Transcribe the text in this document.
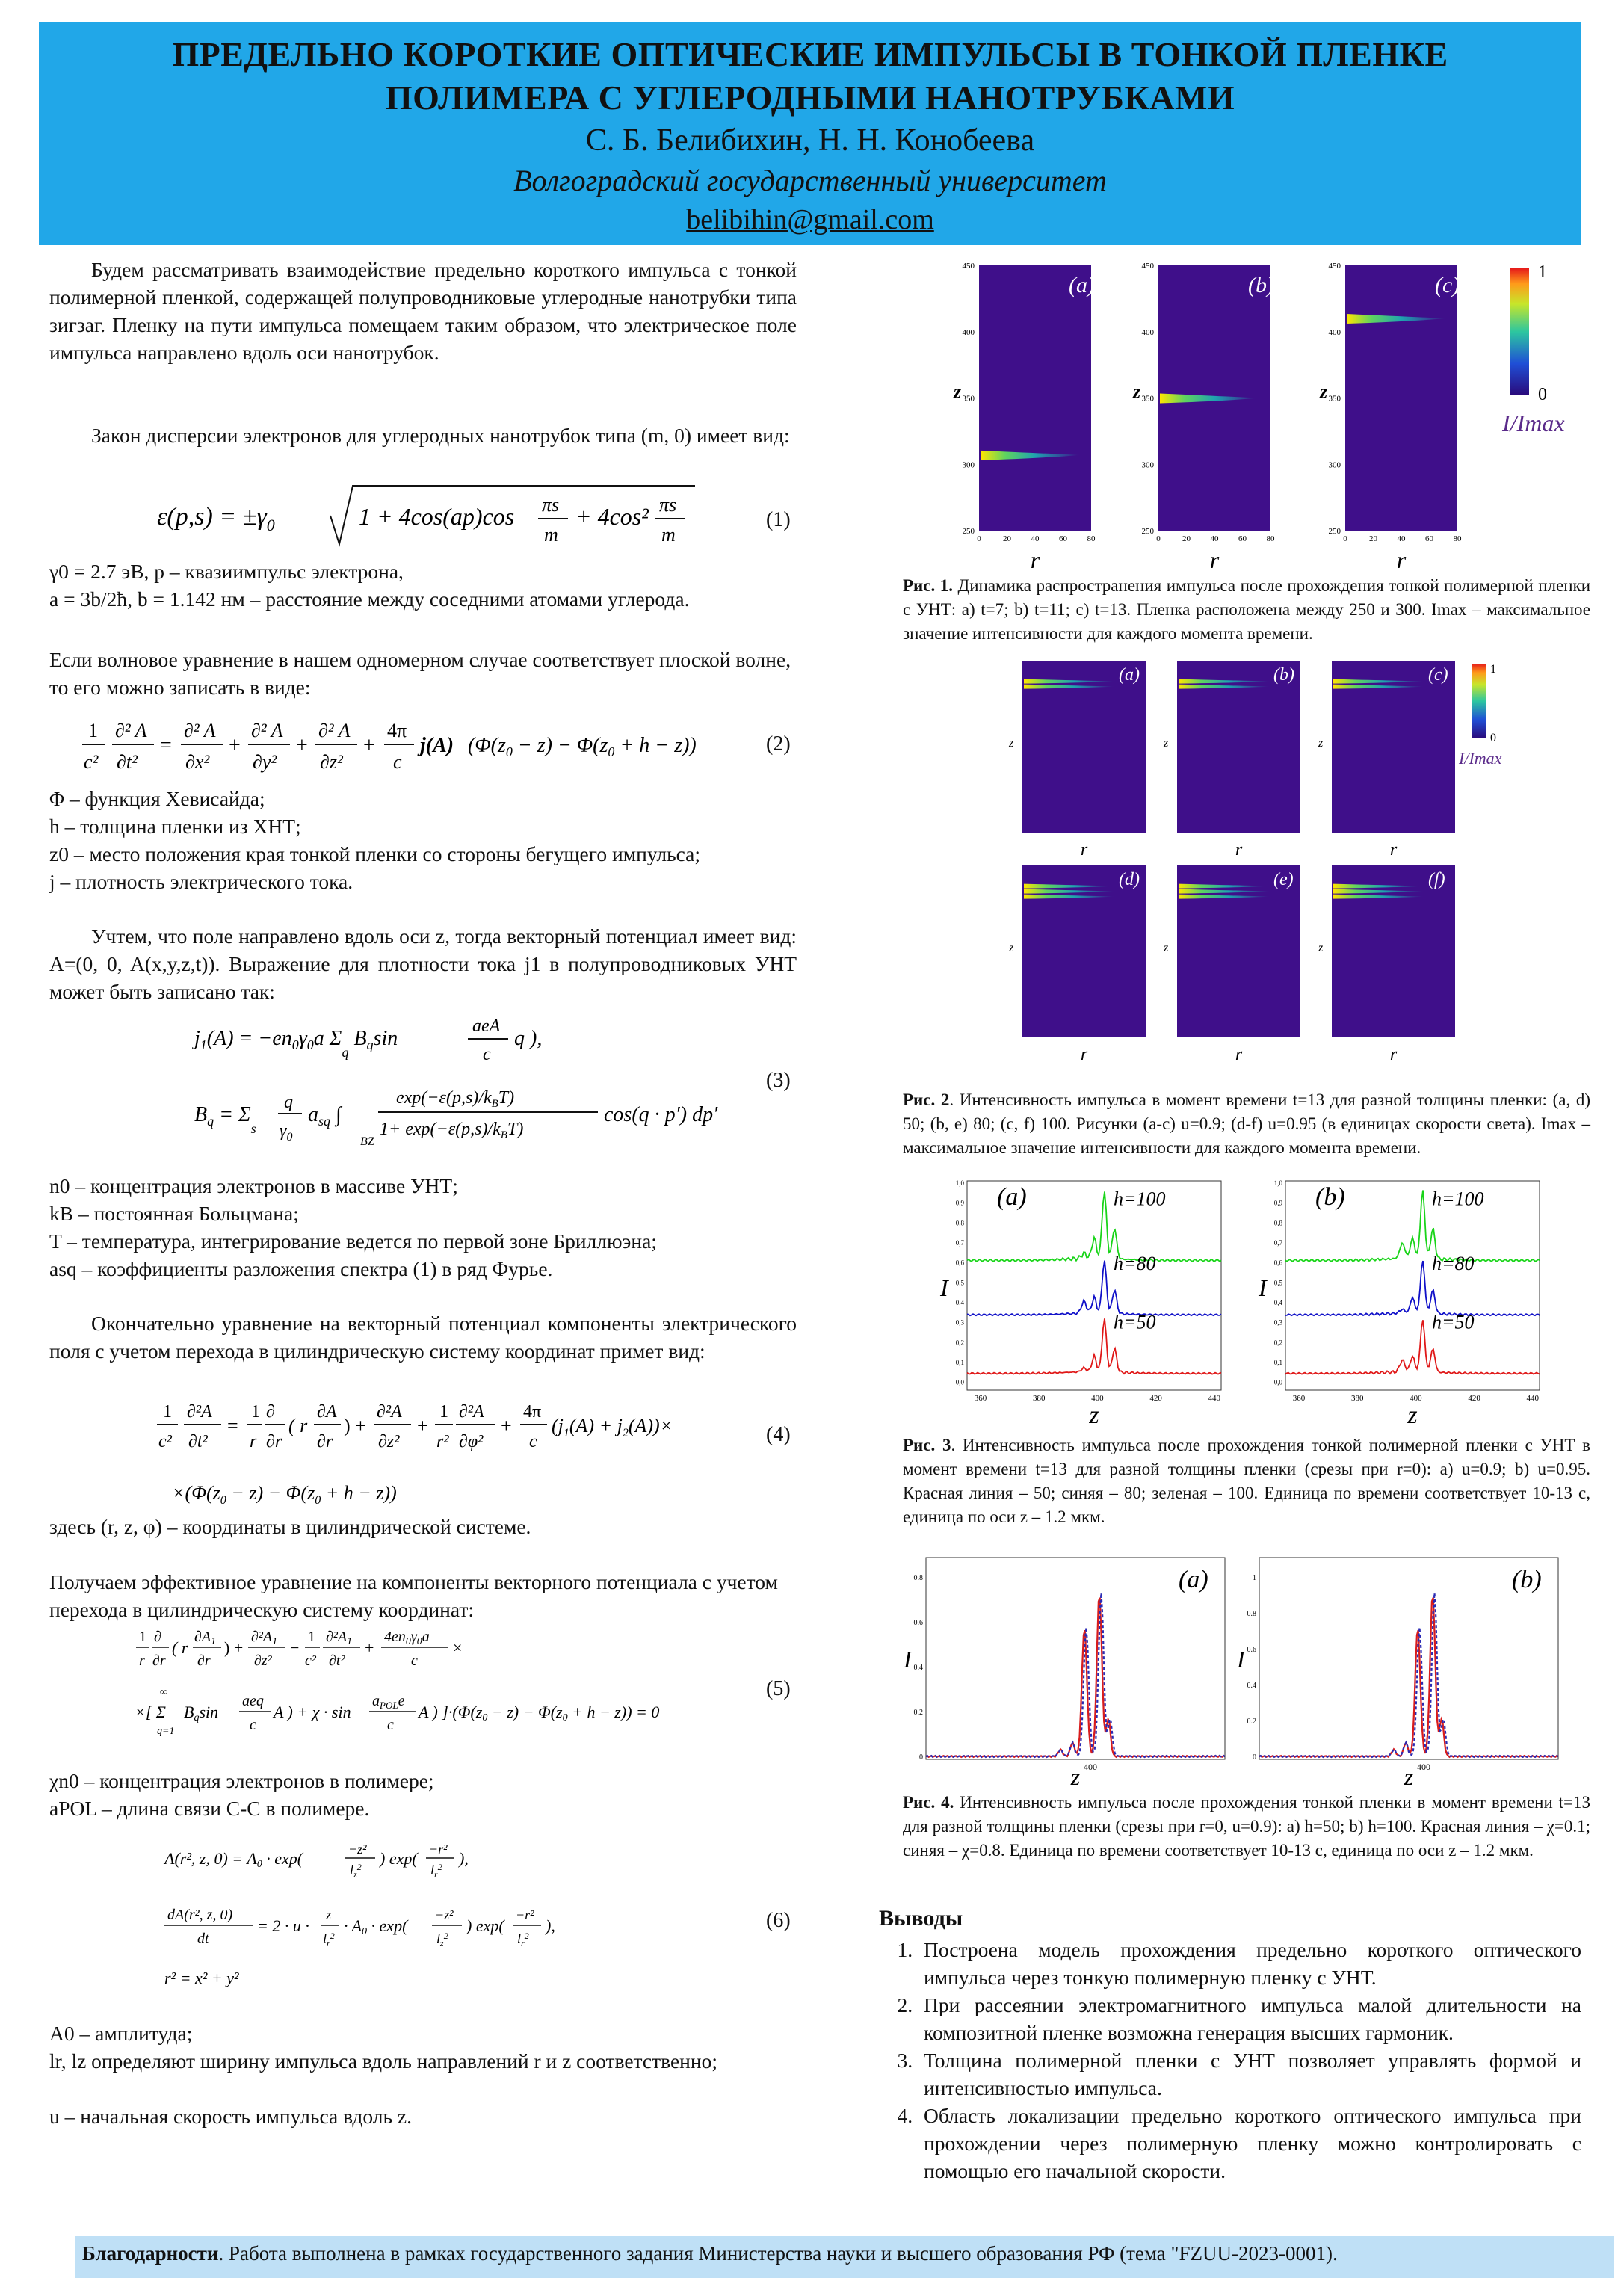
ПРЕДЕЛЬНО КОРОТКИЕ ОПТИЧЕСКИЕ ИМПУЛЬСЫ В ТОНКОЙ ПЛЕНКЕ
ПОЛИМЕРА С УГЛЕРОДНЫМИ НАНОТРУБКАМИ
С. Б. Белибихин, Н. Н. Конобеева
Волгоградский государственный университет
belibihin@gmail.com

Будем рассматривать взаимодействие предельно короткого импульса с тонкой полимерной пленкой, содержащей полупроводниковые углеродные нанотрубки типа зигзаг. Пленку на пути импульса помещаем таким образом, что электрическое поле импульса направлено вдоль оси нанотрубок.

Закон дисперсии электронов для углеродных нанотрубок типа (m, 0) имеет вид:

$\varepsilon(p,s) = \pm\gamma_0$	1 + 4cos(ap)cos πs
m
+ 4cos² πs
m
(1)
γ0 = 2.7 эВ, p – квазиимпульс электрона,
a = 3b/2ħ, b = 1.142 нм – расстояние между соседними атомами углерода.

Если волновое уравнение в нашем одномерном случае соответствует плоской волне, то его можно записать в виде:

1
c²
∂² A
∂t²
=
∂² A
∂x²
+
∂² A
∂y²
+
∂² A
∂z²
+
4π
c
j(A) $(\Phi(z_0 - z) - \Phi(z_0 + h - z))$	(2)
Φ – функция Хевисайда;
h – толщина пленки из ХНТ;
z0 – место положения края тонкой пленки со стороны бегущего импульса;
j – плотность электрического тока.

Учтем, что поле направлено вдоль оси z, тогда векторный потенциал имеет вид: A=(0, 0, A(x,y,z,t)). Выражение для плотности тока j1 в полупроводниковых УНТ может быть записано так:

$j_1(A) = -en_0\gamma_0a$ $\Sigma_q$ $B_q\sin$
aeA
c
q ),
$B_q = \Sigma_s$
q
$\gamma_0$
$a_{sq}$ ∫
BZ
$\exp(-\varepsilon(p,s)/k_BT)$
$1+ \exp(-\varepsilon(p,s)/k_BT)$
cos(q · p′) dp′
(3)
n0 – концентрация электронов в массиве УНТ;
kB – постоянная Больцмана;
T – температура, интегрирование ведется по первой зоне Бриллюэна;
asq – коэффициенты разложения спектра (1) в ряд Фурье.

Окончательно уравнение на векторный потенциал компоненты электрического поля с учетом перехода в цилиндрическую систему координат примет вид:

1
c²
∂²A
∂t²
=
1
r
∂
∂r
( r
∂A
∂r
) +
∂²A
∂z²
+
1
r²
∂²A
∂φ²
+
4π
c
$(j_1(A) + j_2(A))\times$
$\times(\Phi(z_0 - z) - \Phi(z_0 + h - z))$
(4)
здесь (r, z, φ) – координаты в цилиндрической системе.

Получаем эффективное уравнение на компоненты векторного потенциала с учетом перехода в цилиндрическую систему координат:

1
r
∂
∂r
( r
$\partial A_1$
∂r
) +
$\partial^2A_1$
∂z²
−
1
c²
$\partial^2A_1$
∂t²
+
$4en_0\gamma_0a$
c
×
×[ Σ
∞
q=1
Bqsin
aeq
c
A ) + χ · sin
$a_{POL}e$
c
A ) ]·(Φ(z0 − z) − Φ(z0 + h − z)) = 0
(5)
χn0 – концентрация электронов в полимере;
aPOL – длина связи C-C в полимере.
A(r², z, 0) = A0 · exp(	−z²
$l_z^2$ ) exp( −r²
$l_r^2$ ),
dA(r², z, 0)
dt
= 2 · u ·
z
$l_r^2$
· A0 · exp(
−z²
$l_z^2$
) exp(
−r²
$l_r^2$
),
r² = x² + y²
(6)
A0 – амплитуда;
lr, lz определяют ширину импульса вдоль направлений r и z соответственно;
u – начальная скорость импульса вдоль z.
(a)
450
400
350
300
250
0	20 40 60 80
z
r
(b)
450
400
350
300
250
0	20 40 60 80
z
r
(c)
450
400
350
300
250
0	20 40 60 80
z
r
1
0
I/Imax

Рис. 1. Динамика распространения импульса после прохождения тонкой полимерной пленки с УНТ: a) t=7; b) t=11; c) t=13. Пленка расположена между 250 и 300. Imax – максимальное значение интенсивности для каждого момента времени.

(a)
z
r
(b)
z
r
(c)
z
r
(d)
z
r
(e)
z
r
(f)
z
r
1
0
I/Imax

Рис. 2. Интенсивность импульса в момент времени t=13 для разной толщины пленки: (a, d) 50; (b, e) 80; (c, f) 100. Рисунки (a-c) u=0.9; (d-f) u=0.95 (в единицах скорости света). Imax – максимальное значение интенсивности для каждого момента времени.

(a)	h=100
h=80
h=50
360	380	400	420	440
1,0
0,9
0,8
0,7
0,6
0,5
0,4
0,3
0,2
0,1
0,0
I
z
(b)	h=100
h=80
h=50
360	380	400	420	440
1,0
0,9
0,8
0,7
0,6
0,5
0,4
0,3
0,2
0,1
0,0
I
z

Рис. 3. Интенсивность импульса после прохождения тонкой полимерной пленки с УНТ в момент времени t=13 для разной толщины пленки (срезы при r=0): a) u=0.9; b) u=0.95. Красная линия – 50; синяя – 80; зеленая – 100. Единица по времени соответствует 10-13 с, единица по оси z – 1.2 мкм.

(a)
0.8
0.6
0.4
0.2
0
400
I
z
(b)
1
0.8
0.6
0.4
0.2
0
400
I
z

Рис. 4. Интенсивность импульса после прохождения тонкой пленки в момент времени t=13 для разной толщины пленки (срезы при r=0, u=0.9): a) h=50; b) h=100. Красная линия – χ=0.1; синяя – χ=0.8. Единица по времени соответствует 10-13 с, единица по оси z – 1.2 мкм.

Выводы
1. Построена модель прохождения предельно короткого оптического импульса через тонкую полимерную пленку с УНТ.
2. При рассеянии электромагнитного импульса малой длительности на композитной пленке возможна генерация высших гармоник.
3. Толщина полимерной пленки с УНТ позволяет управлять формой и интенсивностью импульса.
4. Область локализации предельно короткого оптического импульса при прохождении через полимерную пленку можно контролировать с помощью его начальной скорости.

Благодарности. Работа выполнена в рамках государственного задания Министерства науки и высшего образования РФ (тема "FZUU-2023-0001).
